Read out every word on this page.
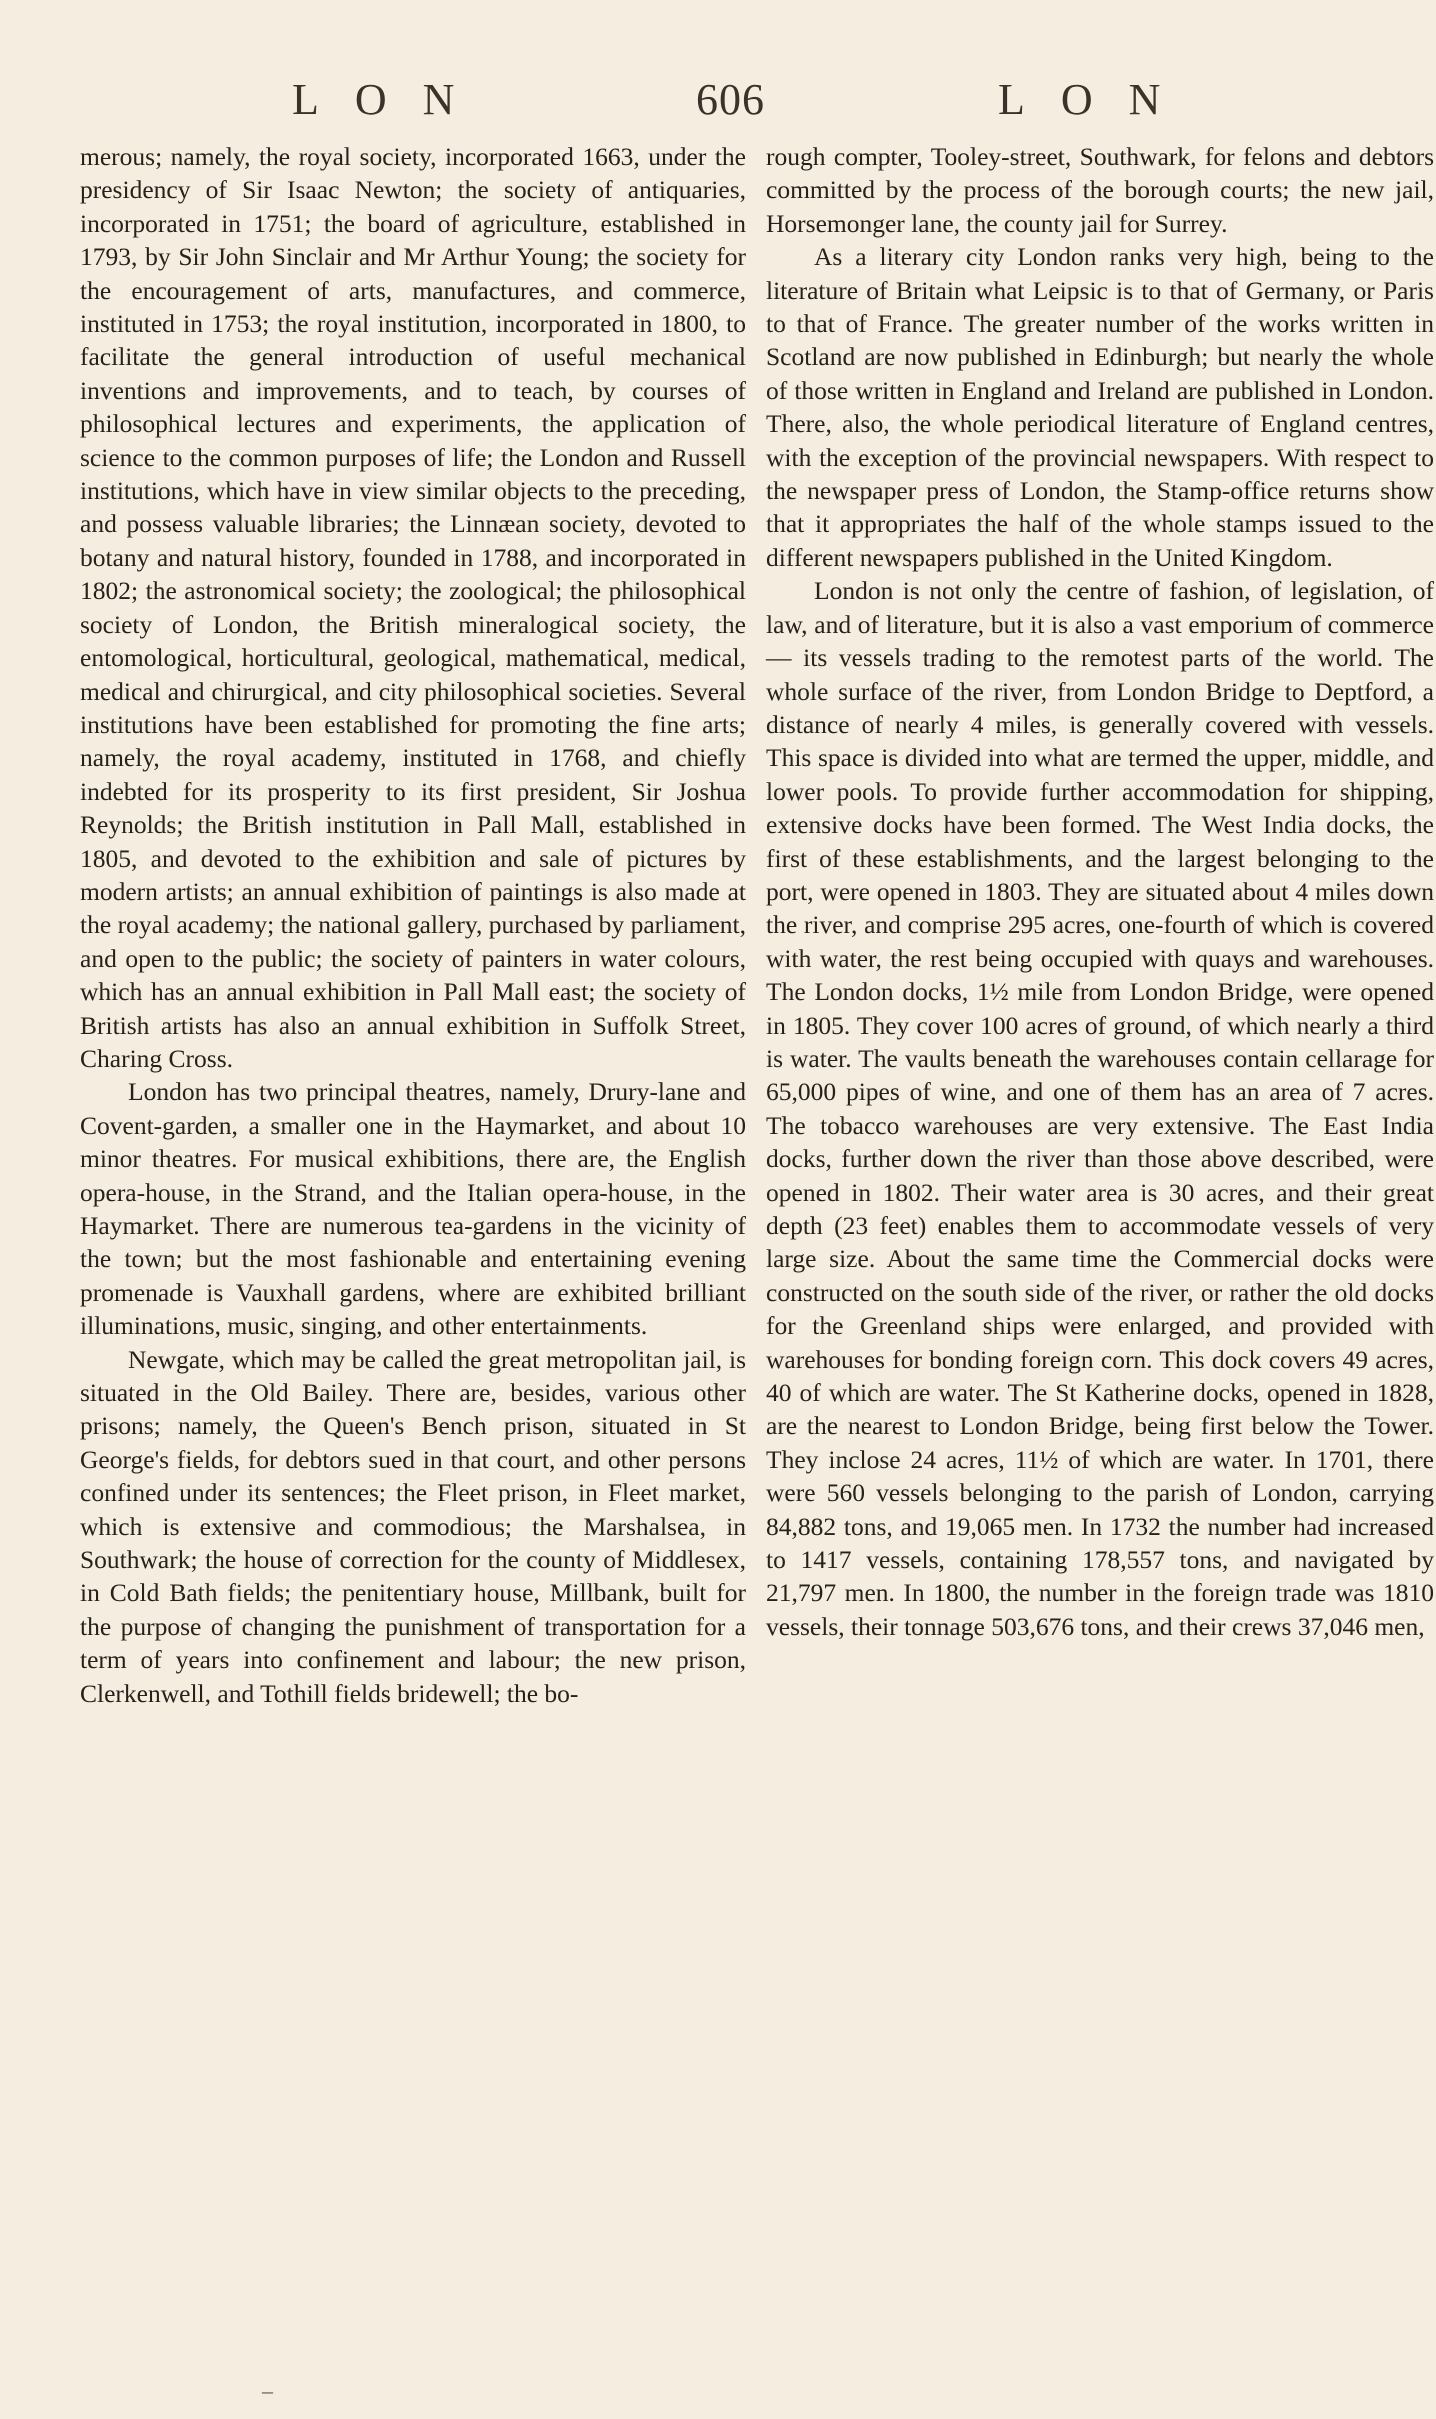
LON	606	LON

merous; namely, the royal society, incorporated 1663, under the presidency of Sir Isaac Newton; the society of antiquaries, incorporated in 1751; the board of agriculture, established in 1793, by Sir John Sinclair and Mr Arthur Young; the society for the encouragement of arts, manufactures, and commerce, instituted in 1753; the royal institution, incorporated in 1800, to facilitate the general introduction of useful mechanical inventions and improvements, and to teach, by courses of philosophical lectures and experiments, the application of science to the common purposes of life; the London and Russell institutions, which have in view similar objects to the preceding, and possess valuable libraries; the Linnæan society, devoted to botany and natural history, founded in 1788, and incorporated in 1802; the astronomical society; the zoological; the philosophical society of London, the British mineralogical society, the entomological, horticultural, geological, mathematical, medical, medical and chirurgical, and city philosophical societies. Several institutions have been established for promoting the fine arts; namely, the royal academy, instituted in 1768, and chiefly indebted for its prosperity to its first president, Sir Joshua Reynolds; the British institution in Pall Mall, established in 1805, and devoted to the exhibition and sale of pictures by modern artists; an annual exhibition of paintings is also made at the royal academy; the national gallery, purchased by parliament, and open to the public; the society of painters in water colours, which has an annual exhibition in Pall Mall east; the society of British artists has also an annual exhibition in Suffolk Street, Charing Cross.

London has two principal theatres, namely, Drury-lane and Covent-garden, a smaller one in the Haymarket, and about 10 minor theatres. For musical exhibitions, there are, the English opera-house, in the Strand, and the Italian opera-house, in the Haymarket. There are numerous tea-gardens in the vicinity of the town; but the most fashionable and entertaining evening promenade is Vauxhall gardens, where are exhibited brilliant illuminations, music, singing, and other entertainments.

Newgate, which may be called the great metropolitan jail, is situated in the Old Bailey. There are, besides, various other prisons; namely, the Queen's Bench prison, situated in St George's fields, for debtors sued in that court, and other persons confined under its sentences; the Fleet prison, in Fleet market, which is extensive and commodious; the Marshalsea, in Southwark; the house of correction for the county of Middlesex, in Cold Bath fields; the penitentiary house, Millbank, built for the purpose of changing the punishment of transportation for a term of years into confinement and labour; the new prison, Clerkenwell, and Tothill fields bridewell; the bo-

rough compter, Tooley-street, Southwark, for felons and debtors committed by the process of the borough courts; the new jail, Horsemonger lane, the county jail for Surrey.

As a literary city London ranks very high, being to the literature of Britain what Leipsic is to that of Germany, or Paris to that of France. The greater number of the works written in Scotland are now published in Edinburgh; but nearly the whole of those written in England and Ireland are published in London. There, also, the whole periodical literature of England centres, with the exception of the provincial newspapers. With respect to the newspaper press of London, the Stamp-office returns show that it appropriates the half of the whole stamps issued to the different newspapers published in the United Kingdom.

London is not only the centre of fashion, of legislation, of law, and of literature, but it is also a vast emporium of commerce — its vessels trading to the remotest parts of the world. The whole surface of the river, from London Bridge to Deptford, a distance of nearly 4 miles, is generally covered with vessels. This space is divided into what are termed the upper, middle, and lower pools. To provide further accommodation for shipping, extensive docks have been formed. The West India docks, the first of these establishments, and the largest belonging to the port, were opened in 1803. They are situated about 4 miles down the river, and comprise 295 acres, one-fourth of which is covered with water, the rest being occupied with quays and warehouses. The London docks, 1½ mile from London Bridge, were opened in 1805. They cover 100 acres of ground, of which nearly a third is water. The vaults beneath the warehouses contain cellarage for 65,000 pipes of wine, and one of them has an area of 7 acres. The tobacco warehouses are very extensive. The East India docks, further down the river than those above described, were opened in 1802. Their water area is 30 acres, and their great depth (23 feet) enables them to accommodate vessels of very large size. About the same time the Commercial docks were constructed on the south side of the river, or rather the old docks for the Greenland ships were enlarged, and provided with warehouses for bonding foreign corn. This dock covers 49 acres, 40 of which are water. The St Katherine docks, opened in 1828, are the nearest to London Bridge, being first below the Tower. They inclose 24 acres, 11½ of which are water. In 1701, there were 560 vessels belonging to the parish of London, carrying 84,882 tons, and 19,065 men. In 1732 the number had increased to 1417 vessels, containing 178,557 tons, and navigated by 21,797 men. In 1800, the number in the foreign trade was 1810 vessels, their tonnage 503,676 tons, and their crews 37,046 men,

–
